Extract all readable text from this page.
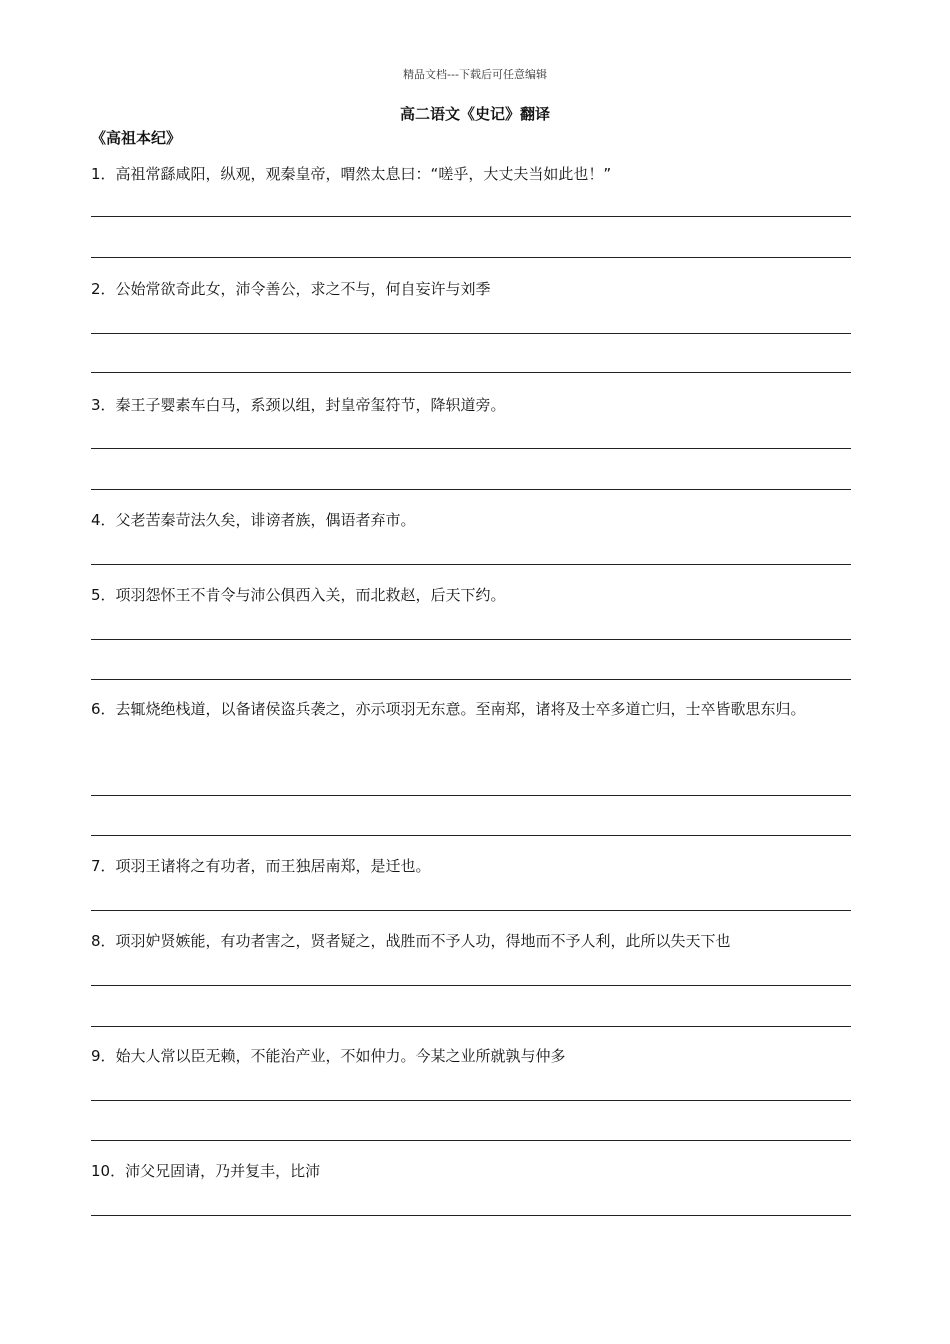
精品文档---下载后可任意编辑
高二语文《史记》翻译
《高祖本纪》
1．高祖常繇咸阳，纵观，观秦皇帝，喟然太息曰：“嗟乎，大丈夫当如此也！”
2．公始常欲奇此女，沛令善公，求之不与，何自妄许与刘季
3．秦王子婴素车白马，系颈以组，封皇帝玺符节，降轵道旁。
4．父老苦秦苛法久矣，诽谤者族，偶语者弃市。
5．项羽怨怀王不肯令与沛公俱西入关，而北救赵，后天下约。
6．去辄烧绝栈道，以备诸侯盗兵袭之，亦示项羽无东意。至南郑，诸将及士卒多道亡归，士卒皆歌思东归。
7．项羽王诸将之有功者，而王独居南郑，是迁也。
8．项羽妒贤嫉能，有功者害之，贤者疑之，战胜而不予人功，得地而不予人利，此所以失天下也
9．始大人常以臣无赖，不能治产业，不如仲力。今某之业所就孰与仲多
10．沛父兄固请，乃并复丰，比沛
